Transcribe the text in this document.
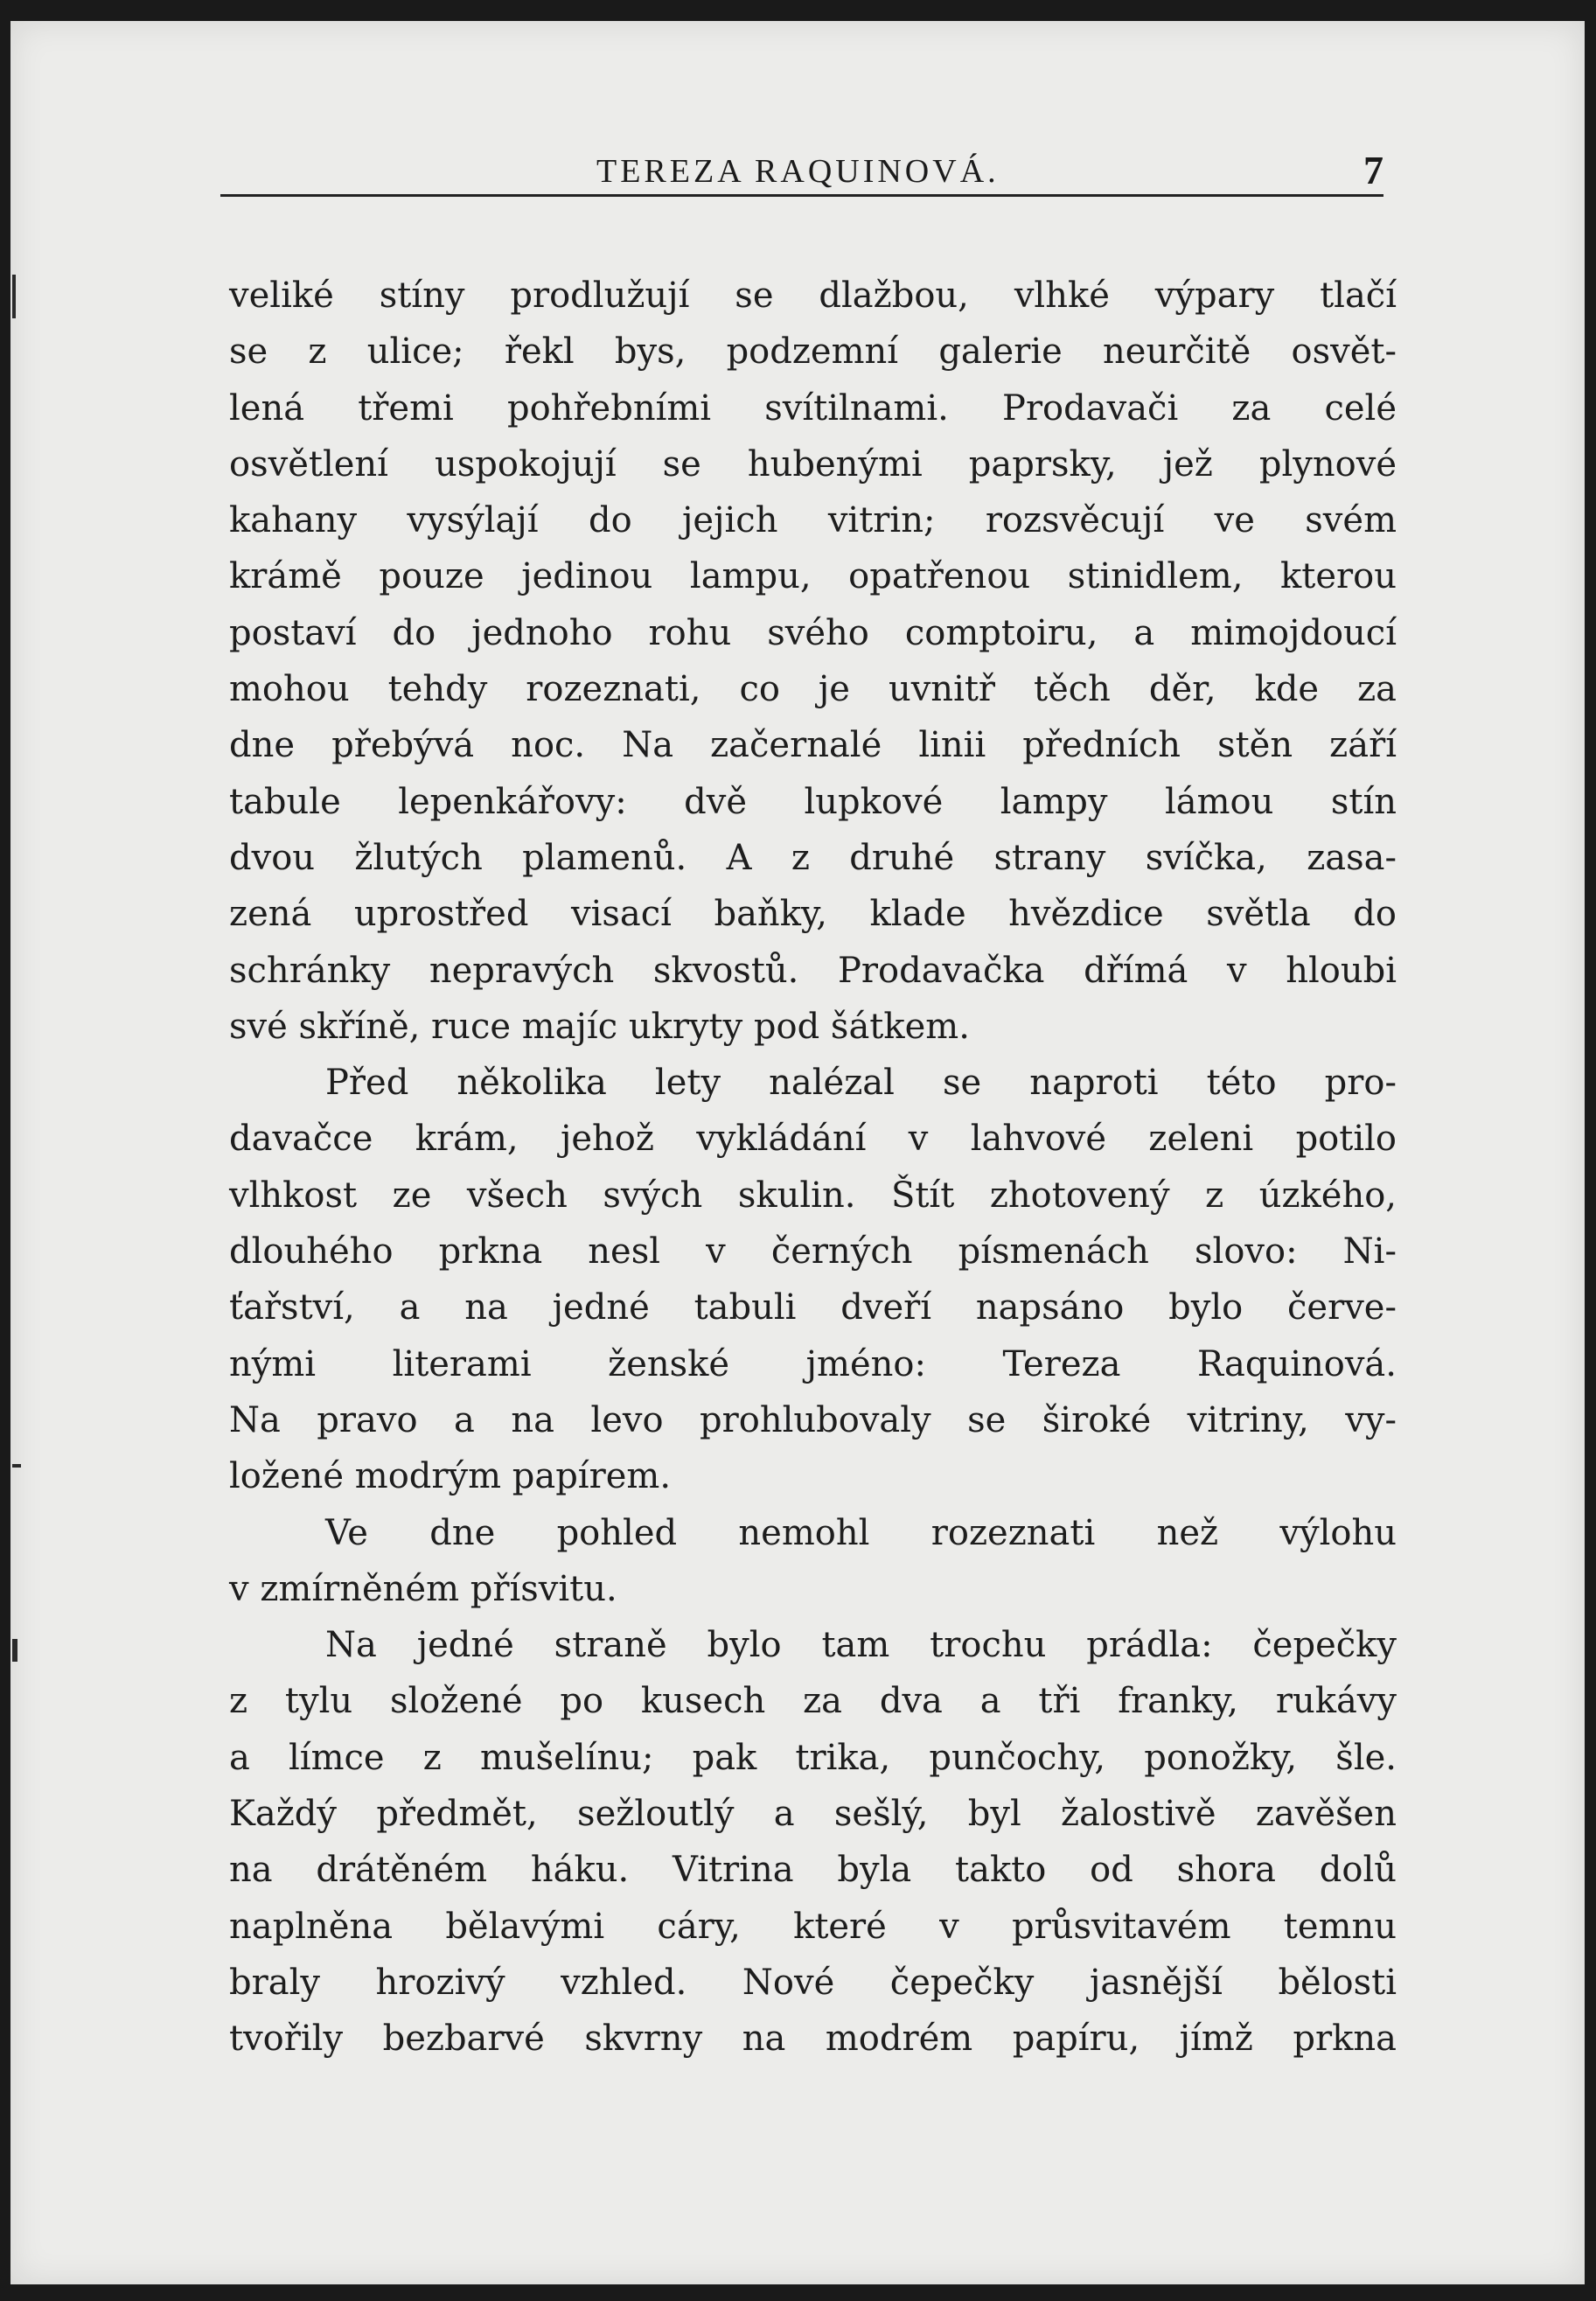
TEREZA RAQUINOVÁ.	7
veliké stíny prodlužují se dlažbou, vlhké výpary tlačí
se z ulice; řekl bys, podzemní galerie neurčitě osvět-
lená třemi pohřebními svítilnami. Prodavači za celé
osvětlení uspokojují se hubenými paprsky, jež plynové
kahany vysýlají do jejich vitrin; rozsvěcují ve svém
krámě pouze jedinou lampu, opatřenou stinidlem, kterou
postaví do jednoho rohu svého comptoiru, a mimojdoucí
mohou tehdy rozeznati, co je uvnitř těch děr, kde za
dne přebývá noc. Na začernalé linii předních stěn září
tabule lepenkářovy: dvě lupkové lampy lámou stín
dvou žlutých plamenů. A z druhé strany svíčka, zasa-
zená uprostřed visací baňky, klade hvězdice světla do
schránky nepravých skvostů. Prodavačka dřímá v hloubi
své skříně, ruce majíc ukryty pod šátkem.
Před několika lety nalézal se naproti této pro-
davačce krám, jehož vykládání v lahvové zeleni potilo
vlhkost ze všech svých skulin. Štít zhotovený z úzkého,
dlouhého prkna nesl v černých písmenách slovo: Ni-
ťařství, a na jedné tabuli dveří napsáno bylo červe-
nými literami ženské jméno: Tereza Raquinová.
Na pravo a na levo prohlubovaly se široké vitriny, vy-
ložené modrým papírem.
Ve dne pohled nemohl rozeznati než výlohu
v zmírněném přísvitu.
Na jedné straně bylo tam trochu prádla: čepečky
z tylu složené po kusech za dva a tři franky, rukávy
a límce z mušelínu; pak trika, punčochy, ponožky, šle.
Každý předmět, sežloutlý a sešlý, byl žalostivě zavěšen
na drátěném háku. Vitrina byla takto od shora dolů
naplněna bělavými cáry, které v průsvitavém temnu
braly hrozivý vzhled. Nové čepečky jasnější bělosti
tvořily bezbarvé skvrny na modrém papíru, jímž prkna
